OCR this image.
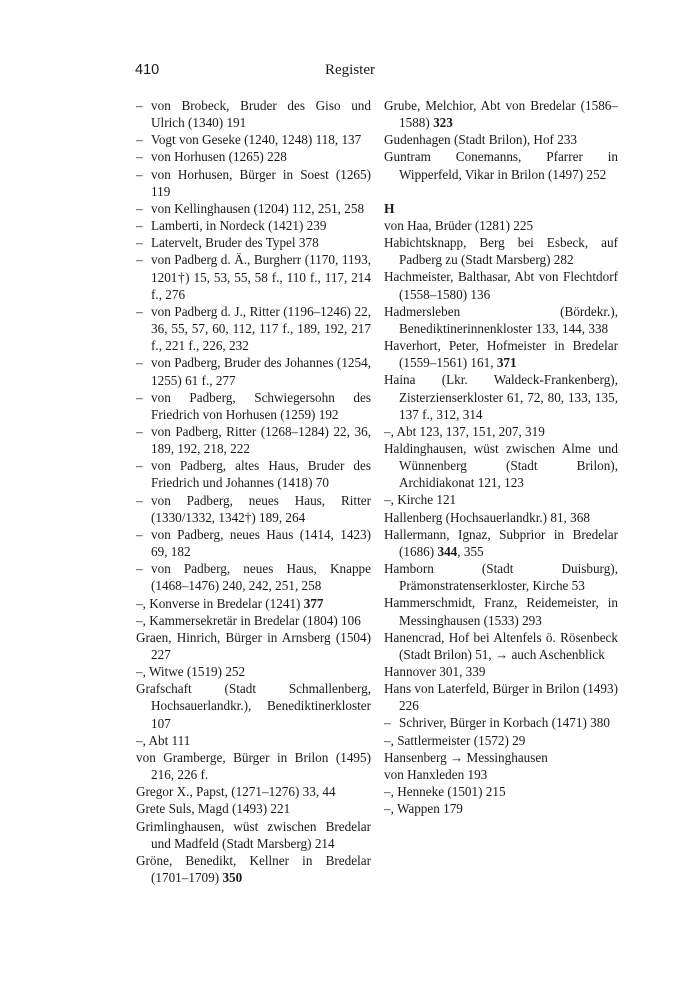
410	Register

– von Brobeck, Bruder des Giso und Ulrich (1340) 191

– Vogt von Geseke (1240, 1248) 118, 137

– von Horhusen (1265) 228

– von Horhusen, Bürger in Soest (1265) 119

– von Kellinghausen (1204) 112, 251, 258

– Lamberti, in Nordeck (1421) 239

– Latervelt, Bruder des Typel 378

– von Padberg d. Ä., Burgherr (1170, 1193, 1201†) 15, 53, 55, 58 f., 110 f., 117, 214 f., 276

– von Padberg d. J., Ritter (1196–1246) 22, 36, 55, 57, 60, 112, 117 f., 189, 192, 217 f., 221 f., 226, 232

– von Padberg, Bruder des Johannes (1254, 1255) 61 f., 277

– von Padberg, Schwiegersohn des Friedrich von Horhusen (1259) 192

– von Padberg, Ritter (1268–1284) 22, 36, 189, 192, 218, 222

– von Padberg, altes Haus, Bruder des Friedrich und Johannes (1418) 70

– von Padberg, neues Haus, Ritter (1330/1332, 1342†) 189, 264

– von Padberg, neues Haus (1414, 1423) 69, 182

– von Padberg, neues Haus, Knappe (1468–1476) 240, 242, 251, 258

–, Konverse in Bredelar (1241) 377

–, Kammersekretär in Bredelar (1804) 106

Graen, Hinrich, Bürger in Arnsberg (1504) 227

–, Witwe (1519) 252

Grafschaft (Stadt Schmallenberg, Hochsauerlandkr.), Benediktinerkloster 107

–, Abt 111

von Gramberge, Bürger in Brilon (1495) 216, 226 f.

Gregor X., Papst, (1271–1276) 33, 44

Grete Suls, Magd (1493) 221

Grimlinghausen, wüst zwischen Bredelar und Madfeld (Stadt Marsberg) 214

Gröne, Benedikt, Kellner in Bredelar (1701–1709) 350

Grube, Melchior, Abt von Bredelar (1586–1588) 323

Gudenhagen (Stadt Brilon), Hof 233

Guntram Conemanns, Pfarrer in Wipperfeld, Vikar in Brilon (1497) 252

H

von Haa, Brüder (1281) 225

Habichtsknapp, Berg bei Esbeck, auf Padberg zu (Stadt Marsberg) 282

Hachmeister, Balthasar, Abt von Flechtdorf (1558–1580) 136

Hadmersleben (Bördekr.), Benediktinerinnenkloster 133, 144, 338

Haverhort, Peter, Hofmeister in Bredelar (1559–1561) 161, 371

Haina (Lkr. Waldeck-Frankenberg), Zisterzienserkloster 61, 72, 80, 133, 135, 137 f., 312, 314

–, Abt 123, 137, 151, 207, 319

Haldinghausen, wüst zwischen Alme und Wünnenberg (Stadt Brilon), Archidiakonat 121, 123

–, Kirche 121

Hallenberg (Hochsauerlandkr.) 81, 368

Hallermann, Ignaz, Subprior in Bredelar (1686) 344, 355

Hamborn (Stadt Duisburg), Prämonstratenserkloster, Kirche 53

Hammerschmidt, Franz, Reidemeister, in Messinghausen (1533) 293

Hanencrad, Hof bei Altenfels ö. Rösenbeck (Stadt Brilon) 51, → auch Aschenblick

Hannover 301, 339

Hans von Laterfeld, Bürger in Brilon (1493) 226

– Schriver, Bürger in Korbach (1471) 380

–, Sattlermeister (1572) 29

Hansenberg → Messinghausen

von Hanxleden 193

–, Henneke (1501) 215

–, Wappen 179
